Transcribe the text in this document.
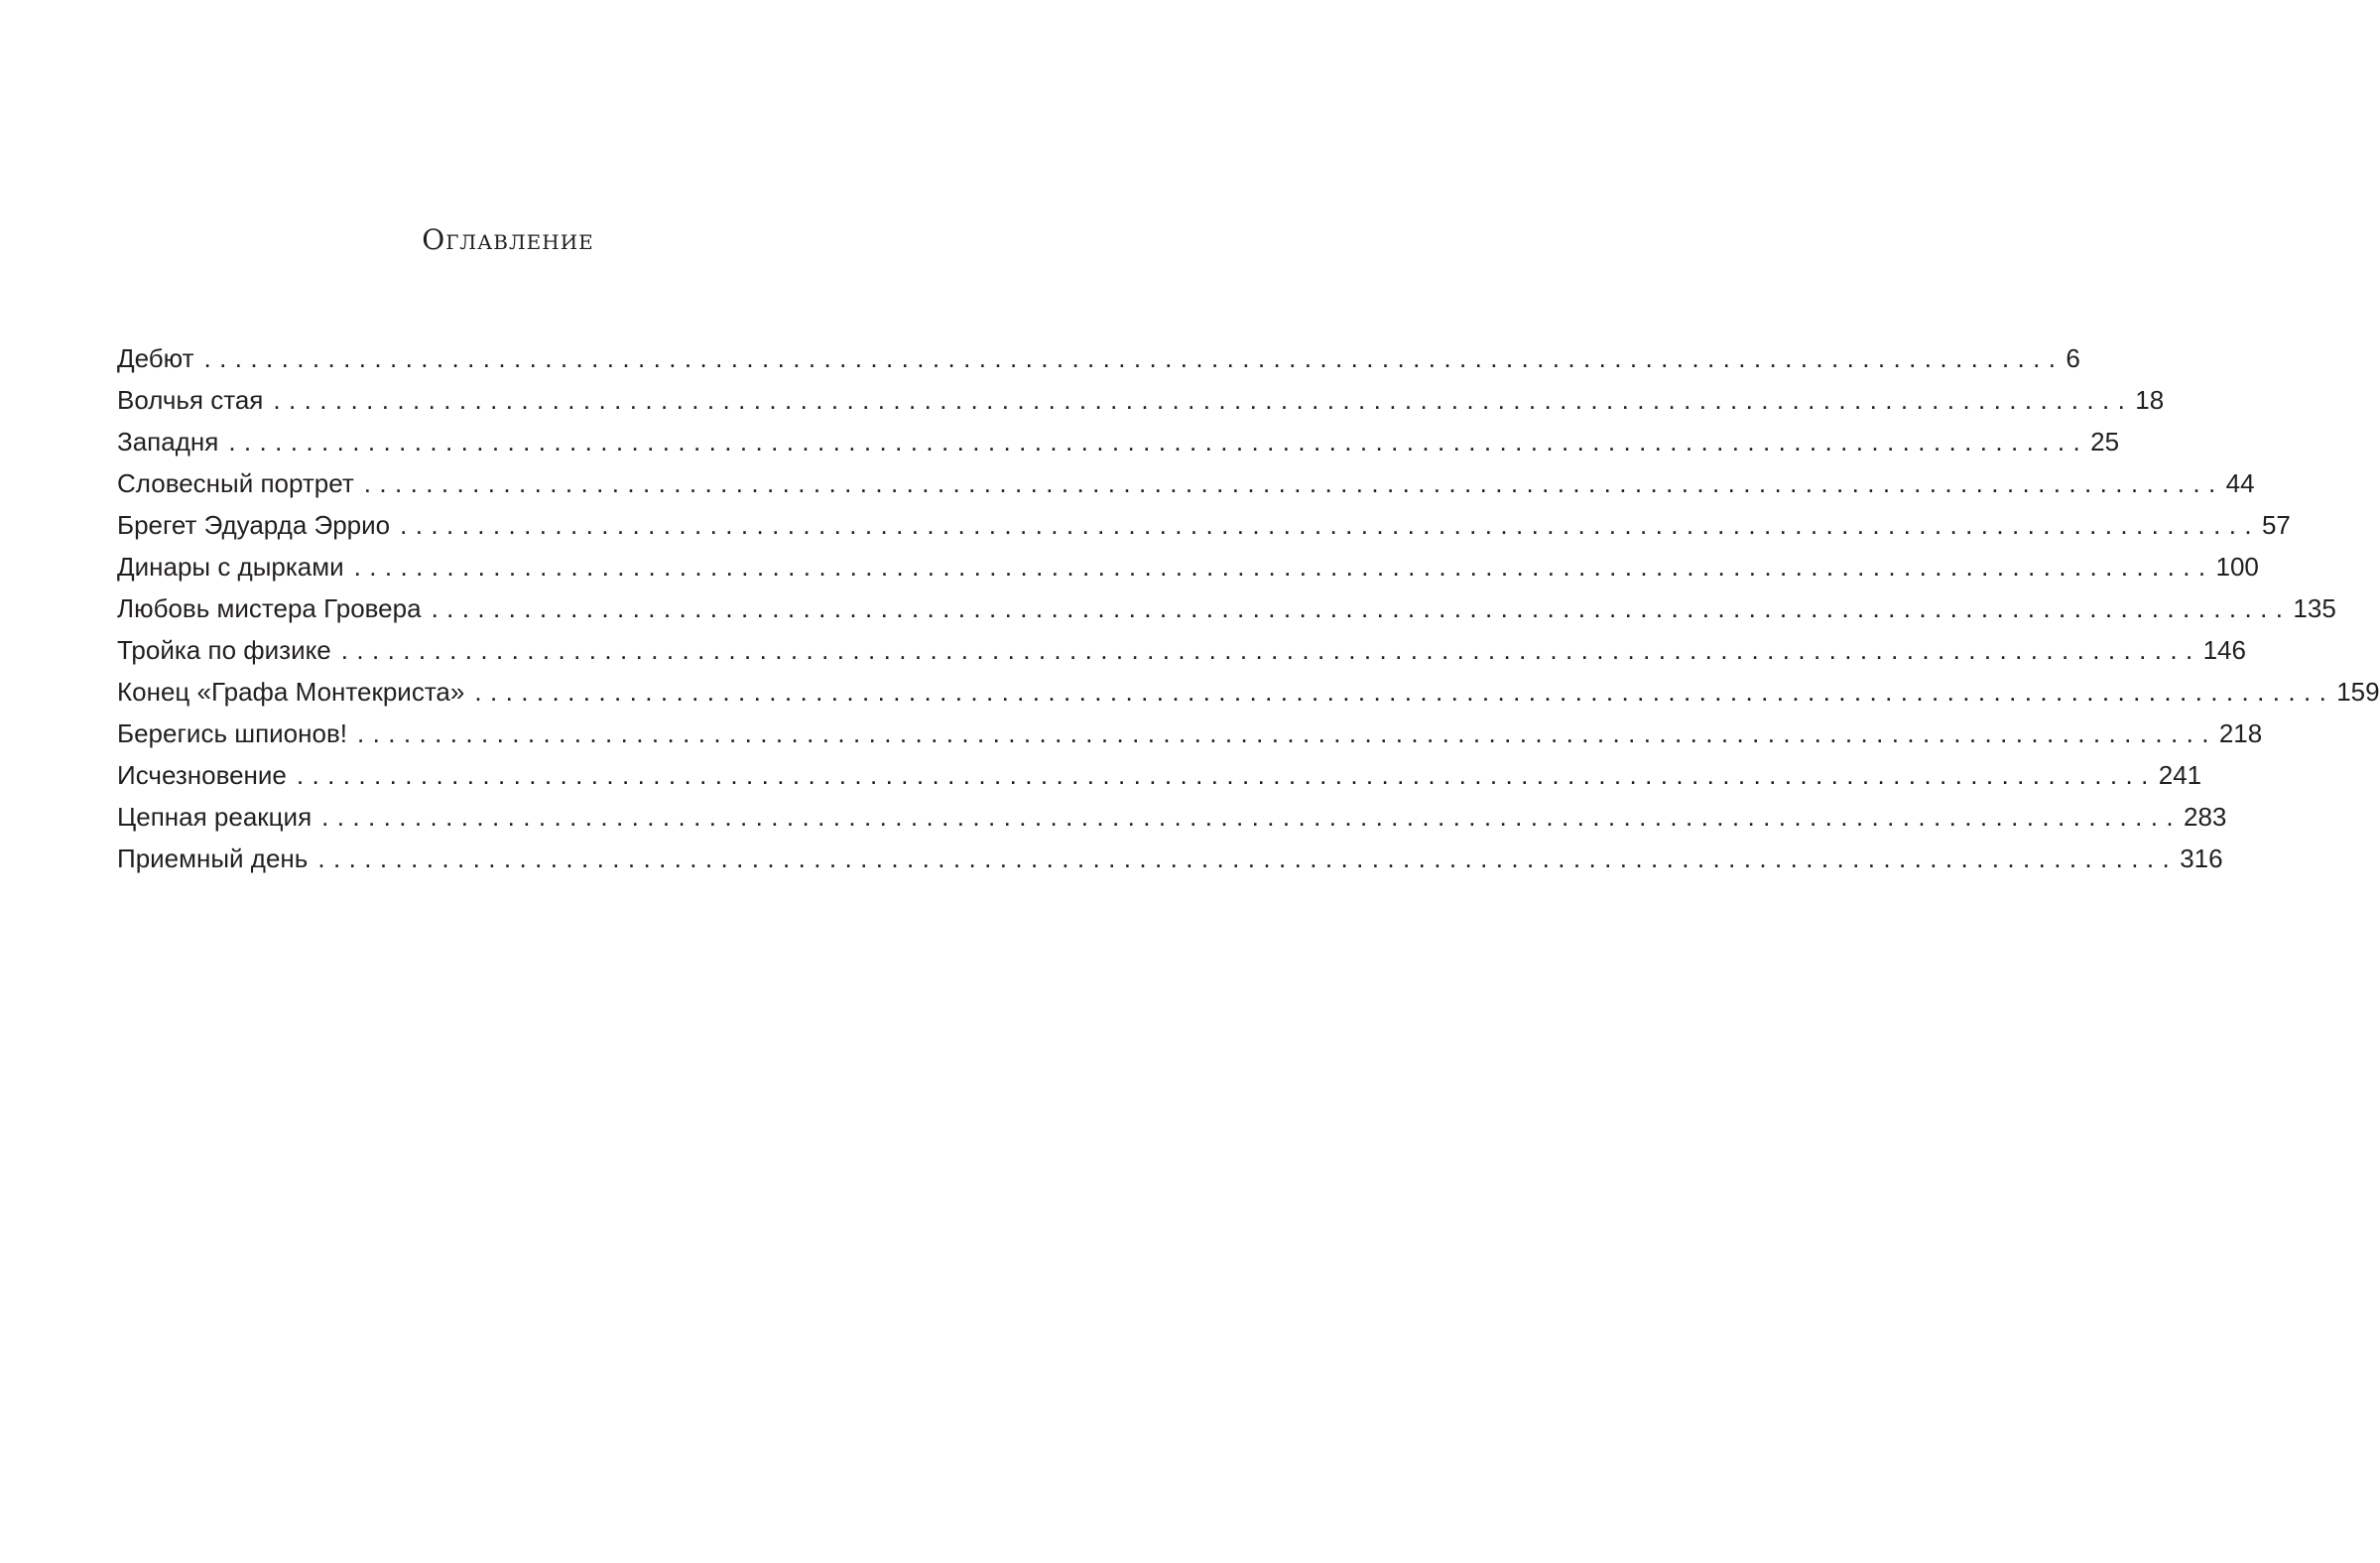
Оглавление
Дебют ........................................................................................................................ 6
Волчья стая ........................................................................................................................ 18
Западня ........................................................................................................................ 25
Словесный портрет ........................................................................................................................ 44
Брегет Эдуарда Эррио ........................................................................................................................ 57
Динары с дырками ........................................................................................................................ 100
Любовь мистера Гровера ........................................................................................................................ 135
Тройка по физике ........................................................................................................................ 146
Конец «Графа Монтекриста» ........................................................................................................................ 159
Берегись шпионов! ........................................................................................................................ 218
Исчезновение ........................................................................................................................ 241
Цепная реакция ........................................................................................................................ 283
Приемный день ........................................................................................................................ 316
